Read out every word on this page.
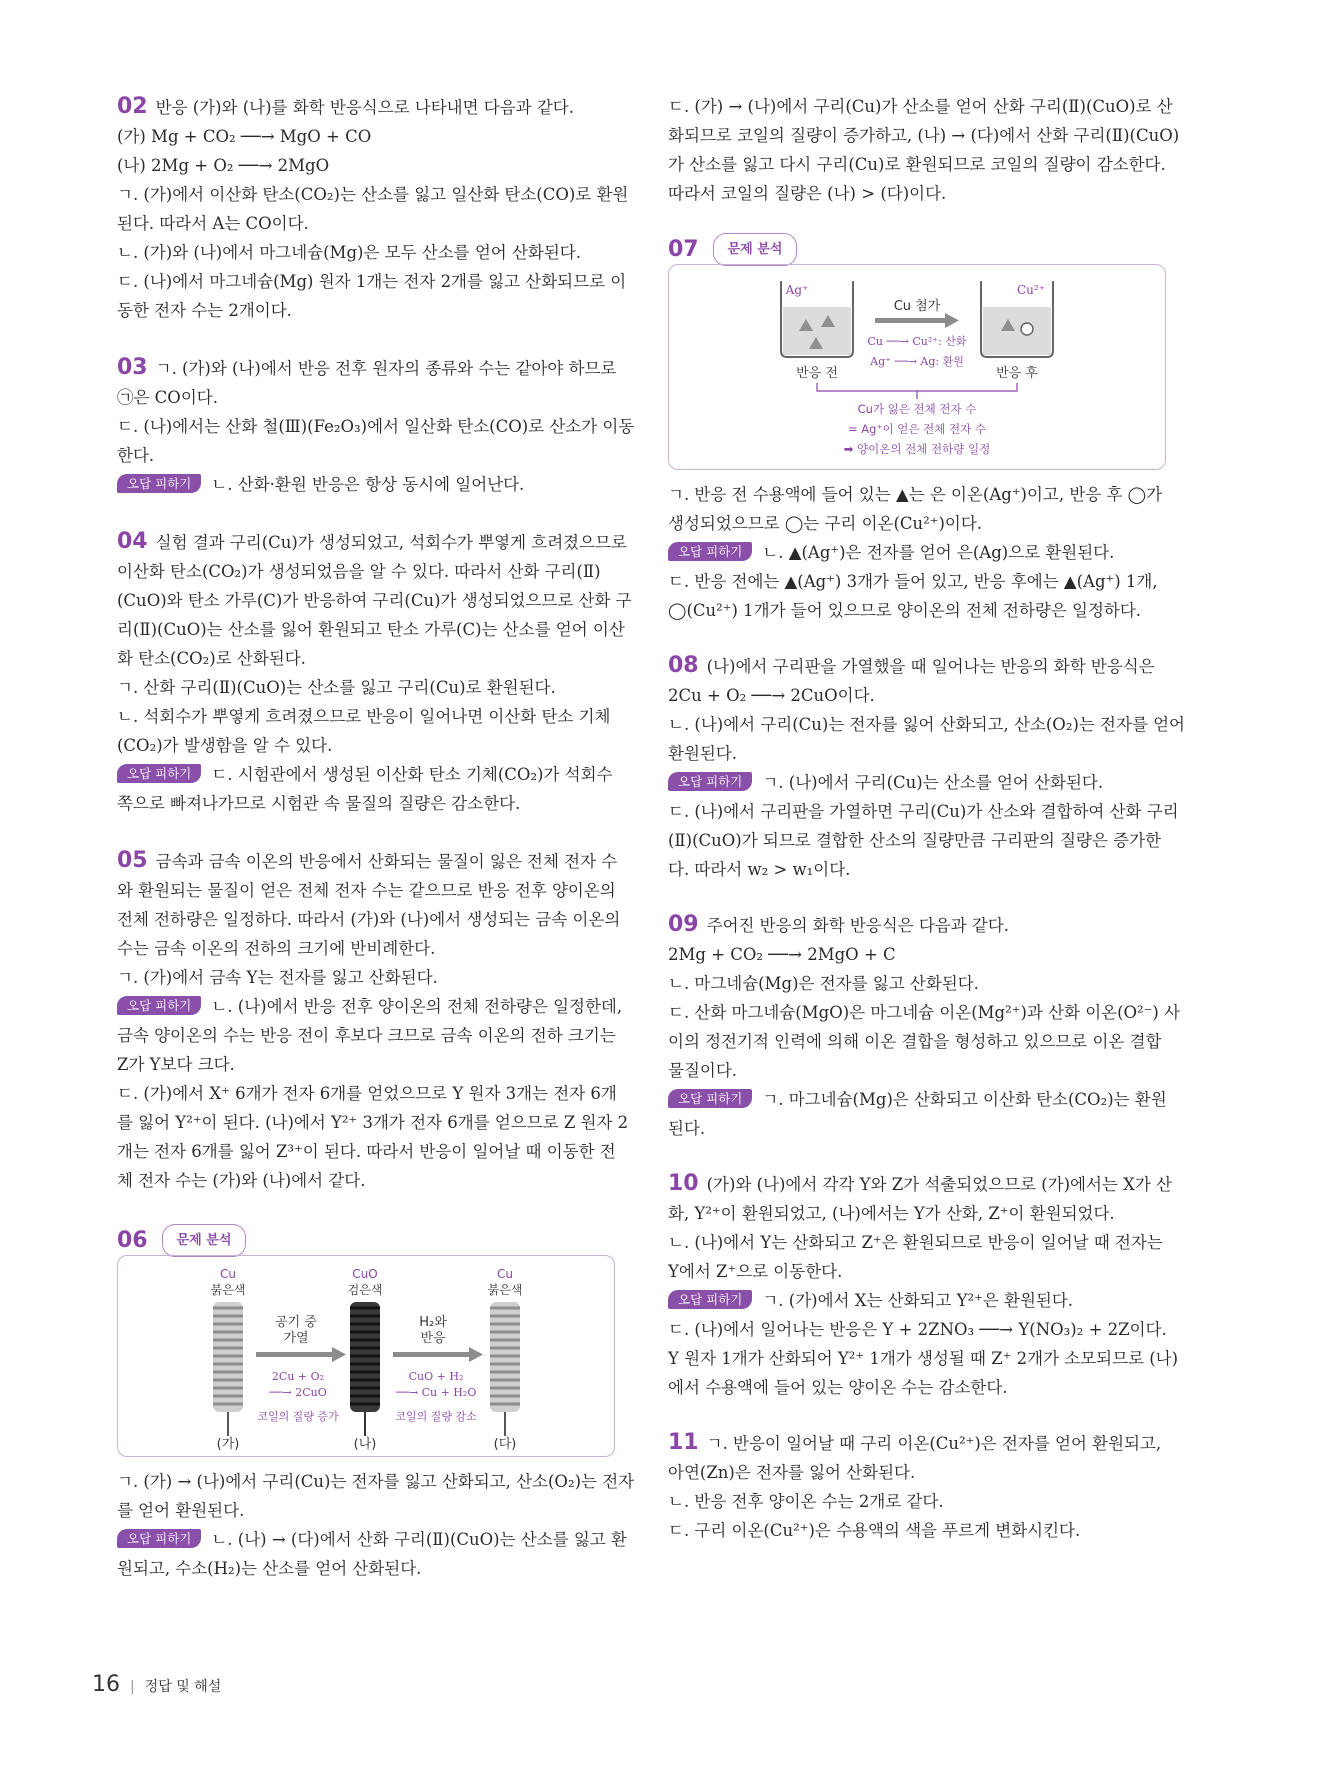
02 반응 (가)와 (나)를 화학 반응식으로 나타내면 다음과 같다.
(가) Mg + CO₂ ──→ MgO + CO
(나) 2Mg + O₂ ──→ 2MgO
ㄱ. (가)에서 이산화 탄소(CO₂)는 산소를 잃고 일산화 탄소(CO)로 환원
된다. 따라서 A는 CO이다.
ㄴ. (가)와 (나)에서 마그네슘(Mg)은 모두 산소를 얻어 산화된다.
ㄷ. (나)에서 마그네슘(Mg) 원자 1개는 전자 2개를 잃고 산화되므로 이
동한 전자 수는 2개이다.
03 ㄱ. (가)와 (나)에서 반응 전후 원자의 종류와 수는 같아야 하므로
㉠은 CO이다.
ㄷ. (나)에서는 산화 철(Ⅲ)(Fe₂O₃)에서 일산화 탄소(CO)로 산소가 이동
한다.
오답 피하기 ㄴ. 산화·환원 반응은 항상 동시에 일어난다.
04 실험 결과 구리(Cu)가 생성되었고, 석회수가 뿌옇게 흐려졌으므로
이산화 탄소(CO₂)가 생성되었음을 알 수 있다. 따라서 산화 구리(Ⅱ)
(CuO)와 탄소 가루(C)가 반응하여 구리(Cu)가 생성되었으므로 산화 구
리(Ⅱ)(CuO)는 산소를 잃어 환원되고 탄소 가루(C)는 산소를 얻어 이산
화 탄소(CO₂)로 산화된다.
ㄱ. 산화 구리(Ⅱ)(CuO)는 산소를 잃고 구리(Cu)로 환원된다.
ㄴ. 석회수가 뿌옇게 흐려졌으므로 반응이 일어나면 이산화 탄소 기체
(CO₂)가 발생함을 알 수 있다.
오답 피하기 ㄷ. 시험관에서 생성된 이산화 탄소 기체(CO₂)가 석회수
쪽으로 빠져나가므로 시험관 속 물질의 질량은 감소한다.
05 금속과 금속 이온의 반응에서 산화되는 물질이 잃은 전체 전자 수
와 환원되는 물질이 얻은 전체 전자 수는 같으므로 반응 전후 양이온의
전체 전하량은 일정하다. 따라서 (가)와 (나)에서 생성되는 금속 이온의
수는 금속 이온의 전하의 크기에 반비례한다.
ㄱ. (가)에서 금속 Y는 전자를 잃고 산화된다.
오답 피하기 ㄴ. (나)에서 반응 전후 양이온의 전체 전하량은 일정한데,
금속 양이온의 수는 반응 전이 후보다 크므로 금속 이온의 전하 크기는
Z가 Y보다 크다.
ㄷ. (가)에서 X⁺ 6개가 전자 6개를 얻었으므로 Y 원자 3개는 전자 6개
를 잃어 Y²⁺이 된다. (나)에서 Y²⁺ 3개가 전자 6개를 얻으므로 Z 원자 2
개는 전자 6개를 잃어 Z³⁺이 된다. 따라서 반응이 일어날 때 이동한 전
체 전자 수는 (가)와 (나)에서 같다.
06	문제 분석
Cu
붉은색
(가)
공기 중
가열
2Cu + O₂
──→ 2CuO
코일의 질량 증가
CuO
검은색
(나)
H₂와
반응
CuO + H₂
──→ Cu + H₂O
코일의 질량 감소
Cu
붉은색
(다)
ㄱ. (가) → (나)에서 구리(Cu)는 전자를 잃고 산화되고, 산소(O₂)는 전자
를 얻어 환원된다.
오답 피하기 ㄴ. (나) → (다)에서 산화 구리(Ⅱ)(CuO)는 산소를 잃고 환
원되고, 수소(H₂)는 산소를 얻어 산화된다.
ㄷ. (가) → (나)에서 구리(Cu)가 산소를 얻어 산화 구리(Ⅱ)(CuO)로 산
화되므로 코일의 질량이 증가하고, (나) → (다)에서 산화 구리(Ⅱ)(CuO)
가 산소를 잃고 다시 구리(Cu)로 환원되므로 코일의 질량이 감소한다.
따라서 코일의 질량은 (나) > (다)이다.
07	문제 분석
Ag⁺
반응 전
Cu 첨가
Cu ──→ Cu²⁺: 산화
Ag⁺ ──→ Ag: 환원
Cu²⁺
반응 후
Cu가 잃은 전체 전자 수
= Ag⁺이 얻은 전체 전자 수
➡ 양이온의 전체 전하량 일정
ㄱ. 반응 전 수용액에 들어 있는 ▲는 은 이온(Ag⁺)이고, 반응 후 ◯가
생성되었으므로 ◯는 구리 이온(Cu²⁺)이다.
오답 피하기 ㄴ. ▲(Ag⁺)은 전자를 얻어 은(Ag)으로 환원된다.
ㄷ. 반응 전에는 ▲(Ag⁺) 3개가 들어 있고, 반응 후에는 ▲(Ag⁺) 1개,
◯(Cu²⁺) 1개가 들어 있으므로 양이온의 전체 전하량은 일정하다.
08 (나)에서 구리판을 가열했을 때 일어나는 반응의 화학 반응식은
2Cu + O₂ ──→ 2CuO이다.
ㄴ. (나)에서 구리(Cu)는 전자를 잃어 산화되고, 산소(O₂)는 전자를 얻어
환원된다.
오답 피하기 ㄱ. (나)에서 구리(Cu)는 산소를 얻어 산화된다.
ㄷ. (나)에서 구리판을 가열하면 구리(Cu)가 산소와 결합하여 산화 구리
(Ⅱ)(CuO)가 되므로 결합한 산소의 질량만큼 구리판의 질량은 증가한
다. 따라서 w₂ > w₁이다.
09 주어진 반응의 화학 반응식은 다음과 같다.
2Mg + CO₂ ──→ 2MgO + C
ㄴ. 마그네슘(Mg)은 전자를 잃고 산화된다.
ㄷ. 산화 마그네슘(MgO)은 마그네슘 이온(Mg²⁺)과 산화 이온(O²⁻) 사
이의 정전기적 인력에 의해 이온 결합을 형성하고 있으므로 이온 결합
물질이다.
오답 피하기 ㄱ. 마그네슘(Mg)은 산화되고 이산화 탄소(CO₂)는 환원
된다.
10 (가)와 (나)에서 각각 Y와 Z가 석출되었으므로 (가)에서는 X가 산
화, Y²⁺이 환원되었고, (나)에서는 Y가 산화, Z⁺이 환원되었다.
ㄴ. (나)에서 Y는 산화되고 Z⁺은 환원되므로 반응이 일어날 때 전자는
Y에서 Z⁺으로 이동한다.
오답 피하기 ㄱ. (가)에서 X는 산화되고 Y²⁺은 환원된다.
ㄷ. (나)에서 일어나는 반응은 Y + 2ZNO₃ ──→ Y(NO₃)₂ + 2Z이다.
Y 원자 1개가 산화되어 Y²⁺ 1개가 생성될 때 Z⁺ 2개가 소모되므로 (나)
에서 수용액에 들어 있는 양이온 수는 감소한다.
11 ㄱ. 반응이 일어날 때 구리 이온(Cu²⁺)은 전자를 얻어 환원되고,
아연(Zn)은 전자를 잃어 산화된다.
ㄴ. 반응 전후 양이온 수는 2개로 같다.
ㄷ. 구리 이온(Cu²⁺)은 수용액의 색을 푸르게 변화시킨다.
16 | 정답 및 해설
